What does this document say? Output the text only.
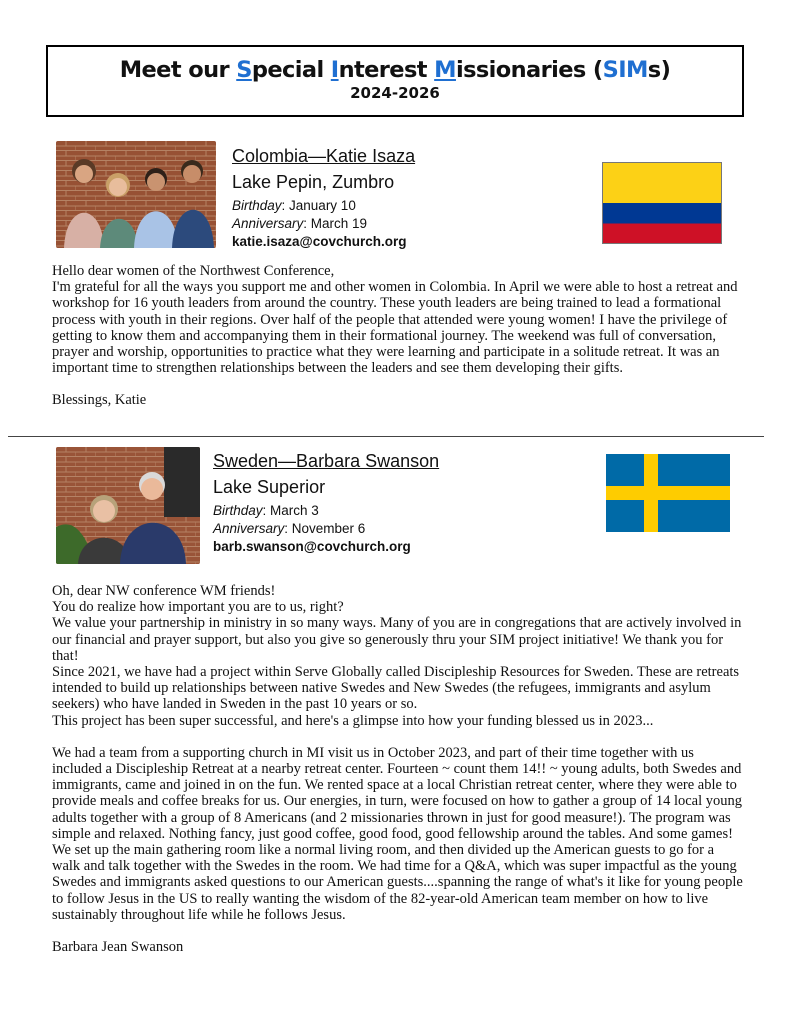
Meet our Special Interest Missionaries (SIMs)
2024-2026
Colombia—Katie Isaza
Lake Pepin, Zumbro
Birthday: January 10
Anniversary: March 19
katie.isaza@covchurch.org

Hello dear women of the Northwest Conference,

I'm grateful for all the ways you support me and other women in Colombia. In April we were able to host a retreat and workshop for 16 youth leaders from around the country. These youth leaders are being trained to lead a formational process with youth in their regions. Over half of the people that attended were young women! I have the privilege of getting to know them and accompanying them in their formational journey. The weekend was full of conversation, prayer and worship, opportunities to practice what they were learning and participate in a solitude retreat. It was an important time to strengthen relationships between the leaders and see them developing their gifts.

Blessings, Katie

Sweden—Barbara Swanson
Lake Superior
Birthday: March 3
Anniversary: November 6
barb.swanson@covchurch.org

Oh, dear NW conference WM friends!

You do realize how important you are to us, right?

We value your partnership in ministry in so many ways. Many of you are in congregations that are actively involved in our financial and prayer support, but also you give so generously thru your SIM project initiative! We thank you for that!

Since 2021, we have had a project within Serve Globally called Discipleship Resources for Sweden. These are retreats intended to build up relationships between native Swedes and New Swedes (the refugees, immigrants and asylum seekers) who have landed in Sweden in the past 10 years or so.

This project has been super successful, and here's a glimpse into how your funding blessed us in 2023...

We had a team from a supporting church in MI visit us in October 2023, and part of their time together with us included a Discipleship Retreat at a nearby retreat center. Fourteen ~ count them 14!! ~ young adults, both Swedes and immigrants, came and joined in on the fun. We rented space at a local Christian retreat center, where they were able to provide meals and coffee breaks for us. Our energies, in turn, were focused on how to gather a group of 14 local young adults together with a group of 8 Americans (and 2 missionaries thrown in just for good measure!). The program was simple and relaxed. Nothing fancy, just good coffee, good food, good fellowship around the tables. And some games! We set up the main gathering room like a normal living room, and then divided up the American guests to go for a walk and talk together with the Swedes in the room. We had time for a Q&A, which was super impactful as the young Swedes and immigrants asked questions to our American guests....spanning the range of what's it like for young people to follow Jesus in the US to really wanting the wisdom of the 82-year-old American team member on how to live sustainably throughout life while he follows Jesus.

Barbara Jean Swanson
